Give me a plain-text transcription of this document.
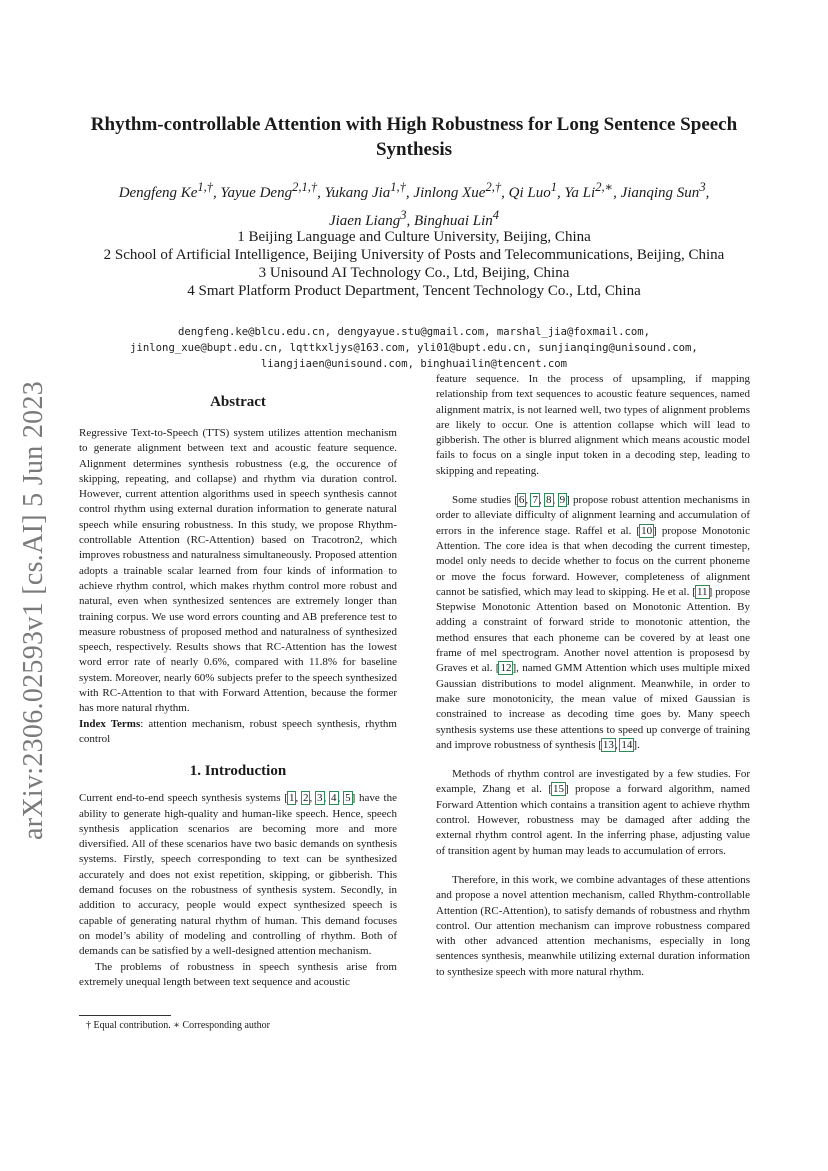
arXiv:2306.02593v1 [cs.AI] 5 Jun 2023
Rhythm-controllable Attention with High Robustness for Long Sentence Speech Synthesis
Dengfeng $Ke^{1,\dagger}$, Yayue Deng$^{2,1,\dagger}$, Yukang Jia$^{1,\dagger}$, Jinlong Xue$^{2,\dagger}$, Qi Luo$^1$, Ya $Li^{2,∗}$, Jianqing Sun$^3$,
Jiaen Liang$^3$, Binghuai Lin$^4$
1 Beijing Language and Culture University, Beijing, China
2 School of Artificial Intelligence, Beijing University of Posts and Telecommunications, Beijing, China
3 Unisound AI Technology Co., Ltd, Beijing, China
4 Smart Platform Product Department, Tencent Technology Co., Ltd, China
dengfeng.ke@blcu.edu.cn, dengyayue.stu@gmail.com, marshal_jia@foxmail.com,
jinlong_xue@bupt.edu.cn, lqttkxljys@163.com, yli01@bupt.edu.cn, sunjianqing@unisound.com,
liangjiaen@unisound.com, binghuailin@tencent.com
Abstract

Regressive Text-to-Speech (TTS) system utilizes attention mechanism to generate alignment between text and acoustic feature sequence. Alignment determines synthesis robustness (e.g, the occurence of skipping, repeating, and collapse) and rhythm via duration control. However, current attention algorithms used in speech synthesis cannot control rhythm using external duration information to generate natural speech while ensuring robustness. In this study, we propose Rhythm-controllable Attention (RC-Attention) based on Tracotron2, which improves robustness and naturalness simultaneously. Proposed attention adopts a trainable scalar learned from four kinds of information to achieve rhythm control, which makes rhythm control more robust and natural, even when synthesized sentences are extremely longer than training corpus. We use word errors counting and AB preference test to measure robustness of proposed method and naturalness of synthesized speech, respectively. Results shows that RC-Attention has the lowest word error rate of nearly 0.6%, compared with 11.8% for baseline system. Moreover, nearly 60% subjects prefer to the speech synthesized with RC-Attention to that with Forward Attention, because the former has more natural rhythm.

Index Terms: attention mechanism, robust speech synthesis, rhythm control

1. Introduction

Current end-to-end speech synthesis systems [1, 2, 3, 4, 5] have the ability to generate high-quality and human-like speech. Hence, speech synthesis application scenarios are becoming more and more diversified. All of these scenarios have two basic demands on synthesis systems. Firstly, speech corresponding to text can be synthesized accurately and does not exist repetition, skipping, or gibberish. This demand focuses on the robustness of synthesis system. Secondly, in addition to accuracy, people would expect synthesized speech is capable of generating natural rhythm of human. This demand focuses on model’s ability of modeling and controlling of rhythm. Both of demands can be satisfied by a well-designed attention mechanism.

The problems of robustness in speech synthesis arise from extremely unequal length between text sequence and acoustic

† Equal contribution. ∗ Corresponding author

feature sequence. In the process of upsampling, if mapping relationship from text sequences to acoustic feature sequences, named alignment matrix, is not learned well, two types of alignment problems are likely to occur. One is attention collapse which will lead to gibberish. The other is blurred alignment which means acoustic model fails to focus on a single input token in a decoding step, leading to skipping and repeating.

Some studies [6, 7, 8, 9] propose robust attention mechanisms in order to alleviate difficulty of alignment learning and accumulation of errors in the inference stage. Raffel et al. [10] propose Monotonic Attention. The core idea is that when decoding the current timestep, model only needs to decide whether to focus on the current phoneme or move the focus forward. However, completeness of alignment cannot be satisfied, which may lead to skipping. He et al. [11] propose Stepwise Monotonic Attention based on Monotonic Attention. By adding a constraint of forward stride to monotonic attention, the method ensures that each phoneme can be covered by at least one frame of mel spectrogram. Another novel attention is proposesd by Graves et al. [12], named GMM Attention which uses multiple mixed Gaussian distributions to model alignment. Meanwhile, in order to make sure monotonicity, the mean value of mixed Gaussian is constrained to increase as decoding time goes by. Many speech synthesis systems use these attentions to speed up converge of training and improve robustness of synthesis [13, 14].

Methods of rhythm control are investigated by a few studies. For example, Zhang et al. [15] propose a forward algorithm, named Forward Attention which contains a transition agent to achieve rhythm control. However, robustness may be damaged after adding the external rhythm control agent. In the inferring phase, adjusting value of transition agent by human may leads to accumulation of errors.

Therefore, in this work, we combine advantages of these attentions and propose a novel attention mechanism, called Rhythm-controllable Attention (RC-Attention), to satisfy demands of robustness and rhythm control. Our attention mechanism can improve robustness compared with other advanced attention mechanisms, especially in long sentences synthesis, meanwhile utilizing external duration information to synthesize speech with more natural rhythm.
